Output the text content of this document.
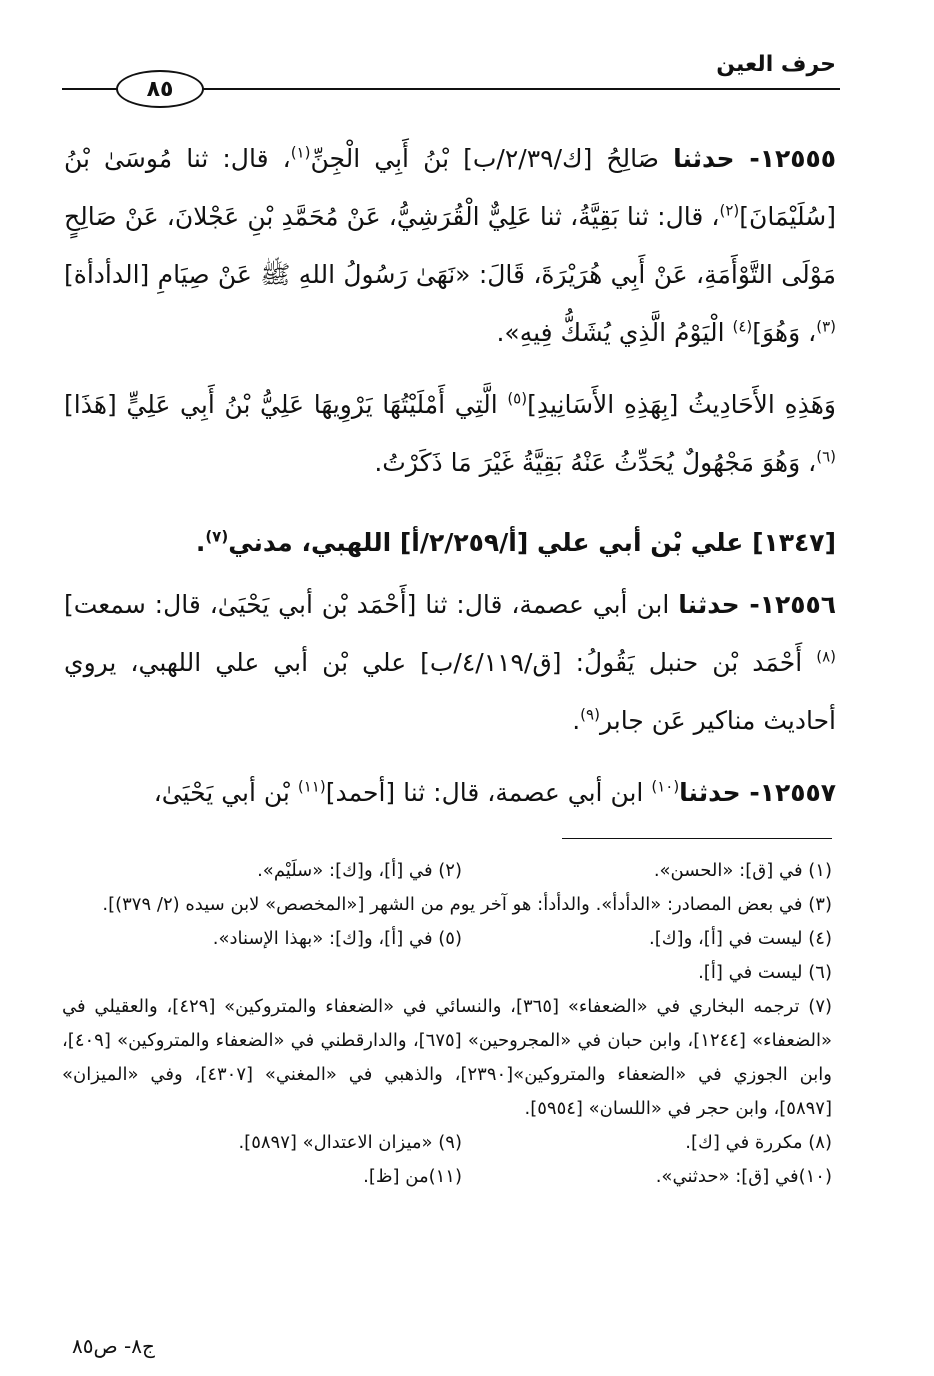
حرف العين
٨٥

١٢٥٥٥- حدثنا صَالِحُ [ك/٢/٣٩/ب] بْنُ أَبِي الْجِنِّ$^{(١)}$، قال: ثنا مُوسَىٰ بْنُ [سُلَيْمَانَ]$^{(٢)}$، قال: ثنا بَقِيَّةُ، ثنا عَلِيٌّ الْقُرَشِيُّ، عَنْ مُحَمَّدِ بْنِ عَجْلانَ، عَنْ صَالِحٍ مَوْلَى التَّوْأَمَةِ، عَنْ أَبِي هُرَيْرَةَ، قَالَ: «نَهَىٰ رَسُولُ اللهِ ﷺ عَنْ صِيَامِ [الدأدأة]$^{(٣)}$، وَهُوَ]$^{(٤)}$ الْيَوْمُ الَّذِي يُشَكُّ فِيهِ».

وَهَذِهِ الأَحَادِيثُ [بِهَذِهِ الأَسَانِيدِ]$^{(٥)}$ الَّتِي أَمْلَيْتُهَا يَرْوِيهَا عَلِيُّ بْنُ أَبِي عَلِيٍّ [هَذَا]$^{(٦)}$، وَهُوَ مَجْهُولٌ يُحَدِّثُ عَنْهُ بَقِيَّةُ غَيْرَ مَا ذَكَرْتُ.

[١٣٤٧] علي بْن أبي علي [أ/٢/٢٥٩/أ] اللهبي، مدني$^{(٧)}$.

١٢٥٥٦- حدثنا ابن أبي عصمة، قال: ثنا [أَحْمَد بْن أبي يَحْيَىٰ، قال: سمعت]$^{(٨)}$ أَحْمَد بْن حنبل يَقُولُ: [ق/٤/١١٩/ب] علي بْن أبي علي اللهبي، يروي أحاديث مناكير عَن جابر$^{(٩)}$.

١٢٥٥٧- حدثنا$^{(١٠)}$ ابن أبي عصمة، قال: ثنا [أحمد]$^{(١١)}$ بْن أبي يَحْيَىٰ،

(١) في [ق]: «الحسن».
(٢) في [أ]، و[ك]: «سلَيْم».
(٣) في بعض المصادر: «الدأدأ». والدأدأ: هو آخر يوم من الشهر [«المخصص» لابن سيده (٢/ ٣٧٩)].
(٤) ليست في [أ]، و[ك].
(٥) في [أ]، و[ك]: «بهذا الإسناد».
(٦) ليست في [أ].
(٧) ترجمه البخاري في «الضعفاء» [٣٦٥]، والنسائي في «الضعفاء والمتروكين» [٤٢٩]، والعقيلي في «الضعفاء» [١٢٤٤]، وابن حبان في «المجروحين» [٦٧٥]، والدارقطني في «الضعفاء والمتروكين» [٤٠٩]، وابن الجوزي في «الضعفاء والمتروكين»[٢٣٩٠]، والذهبي في «المغني» [٤٣٠٧]، وفي «الميزان» [٥٨٩٧]، وابن حجر في «اللسان» [٥٩٥٤].
(٨) مكررة في [ك].
(٩) «ميزان الاعتدال» [٥٨٩٧].
(١٠)في [ق]: «حدثني».
(١١)من [ظ].
ج٨- ص٨٥
